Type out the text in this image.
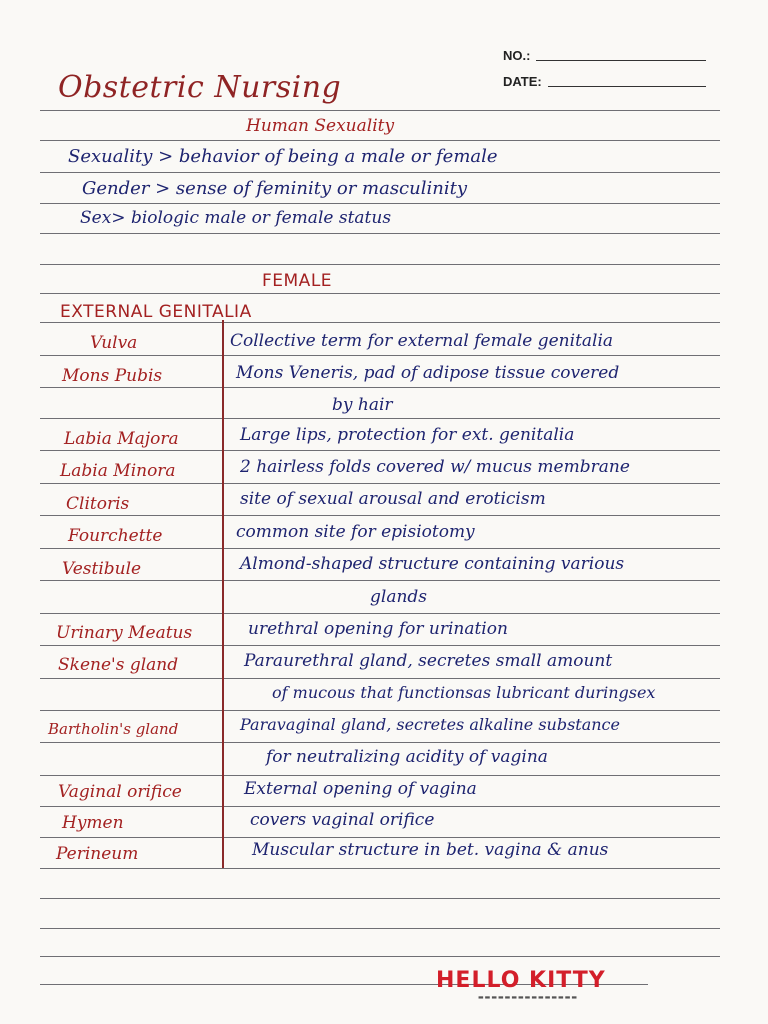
NO.:
DATE:
Obstetric Nursing
Human Sexuality
Sexuality > behavior of being a male or female
Gender > sense of feminity or masculinity
Sex> biologic male or female status
FEMALE
EXTERNAL GENITALIA
Vulva	Collective term for external female genitalia
Mons Pubis	Mons Veneris, pad of adipose tissue covered
by hair
Labia Majora	Large lips, protection for ext. genitalia
Labia Minora	2 hairless folds covered w/ mucus membrane
Clitoris	site of sexual arousal and eroticism
Fourchette	common site for episiotomy
Vestibule	Almond-shaped structure containing various
glands
Urinary Meatus	urethral opening for urination
Skene's gland	Paraurethral gland, secretes small amount
of mucous that functionsas lubricant duringsex
Bartholin's gland	Paravaginal gland, secretes alkaline substance
for neutralizing acidity of vagina
Vaginal orifice	External opening of vagina
Hymen	covers vaginal orifice
Perineum	Muscular structure in bet. vagina & anus
HELLO KITTY
▬▬▬▬▬▬▬▬▬▬▬▬▬▬▬
